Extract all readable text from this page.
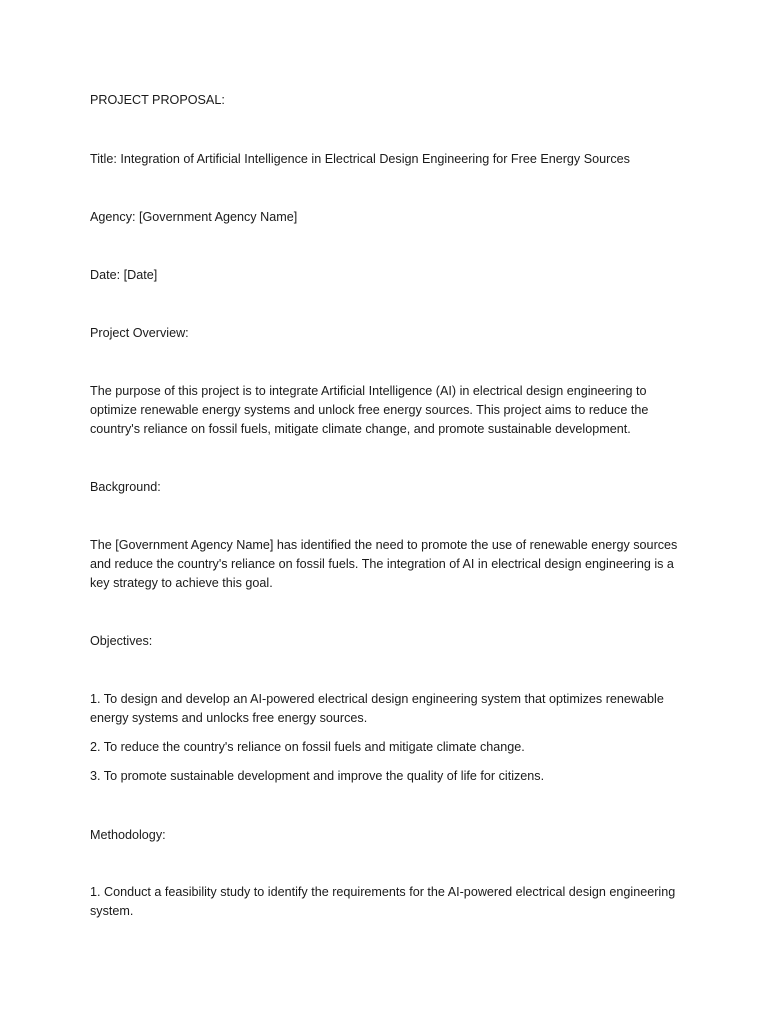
PROJECT PROPOSAL:

Title: Integration of Artificial Intelligence in Electrical Design Engineering for Free Energy Sources

Agency: [Government Agency Name]

Date: [Date]

Project Overview:

The purpose of this project is to integrate Artificial Intelligence (AI) in electrical design engineering to optimize renewable energy systems and unlock free energy sources. This project aims to reduce the country's reliance on fossil fuels, mitigate climate change, and promote sustainable development.

Background:

The [Government Agency Name] has identified the need to promote the use of renewable energy sources and reduce the country's reliance on fossil fuels. The integration of AI in electrical design engineering is a key strategy to achieve this goal.

Objectives:

1. To design and develop an AI-powered electrical design engineering system that optimizes renewable energy systems and unlocks free energy sources.
2. To reduce the country's reliance on fossil fuels and mitigate climate change.
3. To promote sustainable development and improve the quality of life for citizens.

Methodology:

1. Conduct a feasibility study to identify the requirements for the AI-powered electrical design engineering system.
